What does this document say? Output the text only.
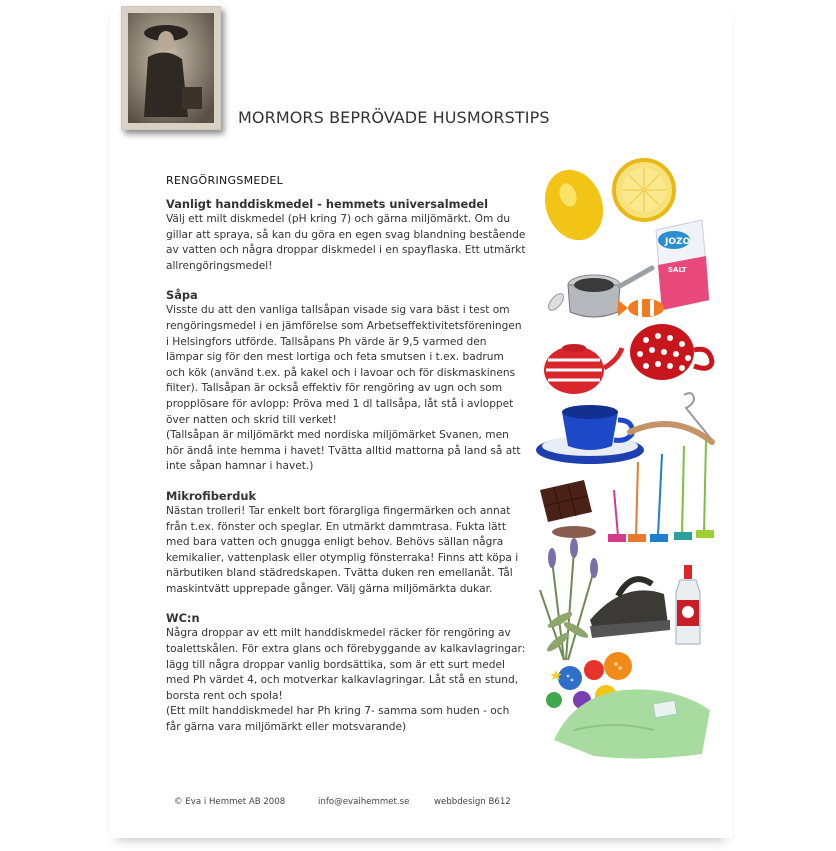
MORMORS BEPRÖVADE HUSMORSTIPS
RENGÖRINGSMEDEL
Vanligt handdiskmedel - hemmets universalmedel

Välj ett milt diskmedel (pH kring 7) och gärna miljömärkt. Om du gillar att spraya, så kan du göra en egen svag blandning bestående av vatten och några droppar diskmedel i en spayflaska. Ett utmärkt allrengöringsmedel!

Såpa

Visste du att den vanliga tallsåpan visade sig vara bäst i test om rengöringsmedel i en jämförelse som Arbetseffektivitetsföreningen i Helsingfors utförde. Tallsåpans Ph värde är 9,5 varmed den lämpar sig för den mest lortiga och feta smutsen i t.ex. badrum och kök (använd t.ex. på kakel och i lavoar och för diskmaskinens filter). Tallsåpan är också effektiv för rengöring av ugn och som propplösare för avlopp: Pröva med 1 dl tallsåpa, låt stå i avloppet över natten och skrid till verket!
(Tallsåpan är miljömärkt med nordiska miljömärket Svanen, men hör ändå inte hemma i havet! Tvätta alltid mattorna på land så att inte såpan hamnar i havet.)

Mikrofiberduk

Nästan trolleri! Tar enkelt bort förargliga fingermärken och annat från t.ex. fönster och speglar. En utmärkt dammtrasa. Fukta lätt med bara vatten och gnugga enligt behov. Behövs sällan några kemikalier, vattenplask eller otymplig fönsterraka! Finns att köpa i närbutiken bland städredskapen. Tvätta duken ren emellanåt. Tål maskintvätt upprepade gånger. Välj gärna miljömärkta dukar.

WC:n

Några droppar av ett milt handdiskmedel räcker för rengöring av toalettskålen. För extra glans och förebyggande av kalkavlagringar: lägg till några droppar vanlig bordsättika, som är ett surt medel med Ph värdet 4, och motverkar kalkavlagringar. Låt stå en stund, borsta rent och spola!
(Ett milt handdiskmedel har Ph kring 7- samma som huden - och får gärna vara miljömärkt eller motsvarande)

JOZO
SALT
© Eva i Hemmet AB 2008	info@evaihemmet.se	webbdesign B612
